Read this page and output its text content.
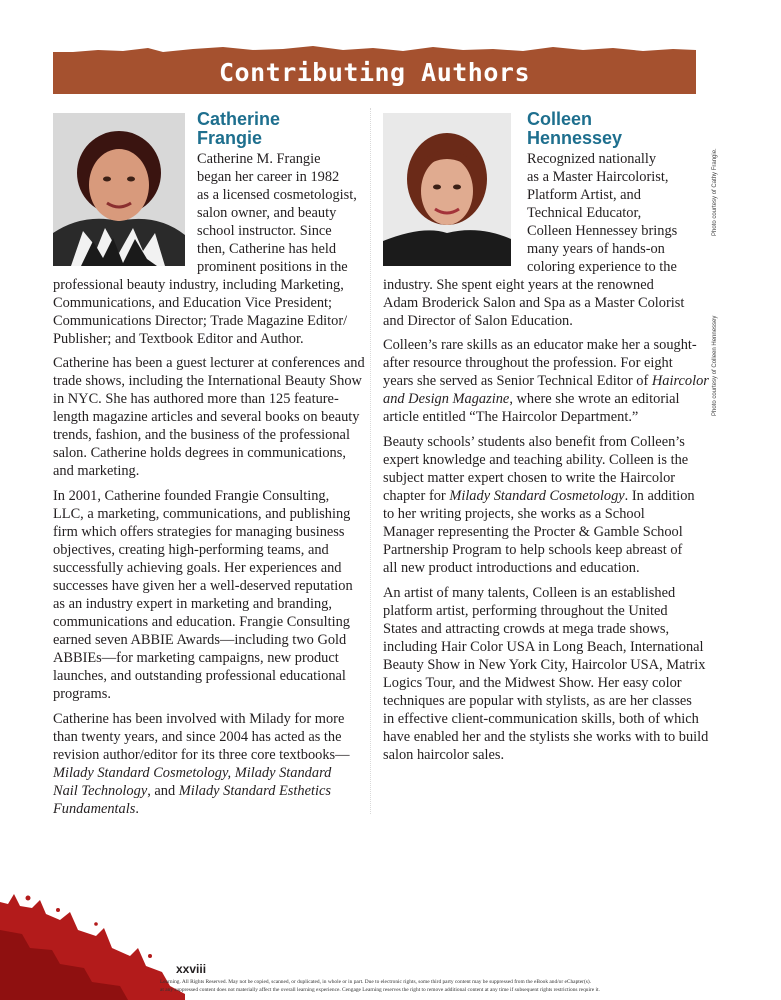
Contributing Authors
Catherine
Frangie
Catherine M. Frangie
began her career in 1982
as a licensed cosmetologist,
salon owner, and beauty
school instructor. Since
then, Catherine has held
prominent positions in the
professional beauty industry, including Marketing,
Communications, and Education Vice President;
Communications Director; Trade Magazine Editor/
Publisher; and Textbook Editor and Author.
Catherine has been a guest lecturer at conferences and
trade shows, including the International Beauty Show
in NYC. She has authored more than 125 feature-
length magazine articles and several books on beauty
trends, fashion, and the business of the professional
salon. Catherine holds degrees in communications,
and marketing.
In 2001, Catherine founded Frangie Consulting,
LLC, a marketing, communications, and publishing
firm which offers strategies for managing business
objectives, creating high-performing teams, and
successfully achieving goals. Her experiences and
successes have given her a well-deserved reputation
as an industry expert in marketing and branding,
communications and education. Frangie Consulting
earned seven ABBIE Awards—including two Gold
ABBIEs—for marketing campaigns, new product
launches, and outstanding professional educational
programs.
Catherine has been involved with Milady for more
than twenty years, and since 2004 has acted as the
revision author/editor for its three core textbooks—
Milady Standard Cosmetology, Milady Standard
Nail Technology, and Milady Standard Esthetics
Fundamentals.
Colleen
Hennessey
Recognized nationally
as a Master Haircolorist,
Platform Artist, and
Technical Educator,
Colleen Hennessey brings
many years of hands-on
coloring experience to the
industry. She spent eight years at the renowned
Adam Broderick Salon and Spa as a Master Colorist
and Director of Salon Education.
Colleen’s rare skills as an educator make her a sought-
after resource throughout the profession. For eight
years she served as Senior Technical Editor of Haircolor
and Design Magazine, where she wrote an editorial
article entitled “The Haircolor Department.”
Beauty schools’ students also benefit from Colleen’s
expert knowledge and teaching ability. Colleen is the
subject matter expert chosen to write the Haircolor
chapter for Milady Standard Cosmetology. In addition
to her writing projects, she works as a School
Manager representing the Procter & Gamble School
Partnership Program to help schools keep abreast of
all new product introductions and education.
An artist of many talents, Colleen is an established
platform artist, performing throughout the United
States and attracting crowds at mega trade shows,
including Hair Color USA in Long Beach, International
Beauty Show in New York City, Haircolor USA, Matrix
Logics Tour, and the Midwest Show. Her easy color
techniques are popular with stylists, as are her classes
in effective client-communication skills, both of which
have enabled her and the stylists she works with to build
salon haircolor sales.
Photo courtesy of Cathy Frangie.
Photo courtesy of Colleen Hennessey
xxviii
Learning. All Rights Reserved. May not be copied, scanned, or duplicated, in whole or in part. Due to electronic rights, some third party content may be suppressed from the eBook and/or eChapter(s).
at any suppressed content does not materially affect the overall learning experience. Cengage Learning reserves the right to remove additional content at any time if subsequent rights restrictions require it.
